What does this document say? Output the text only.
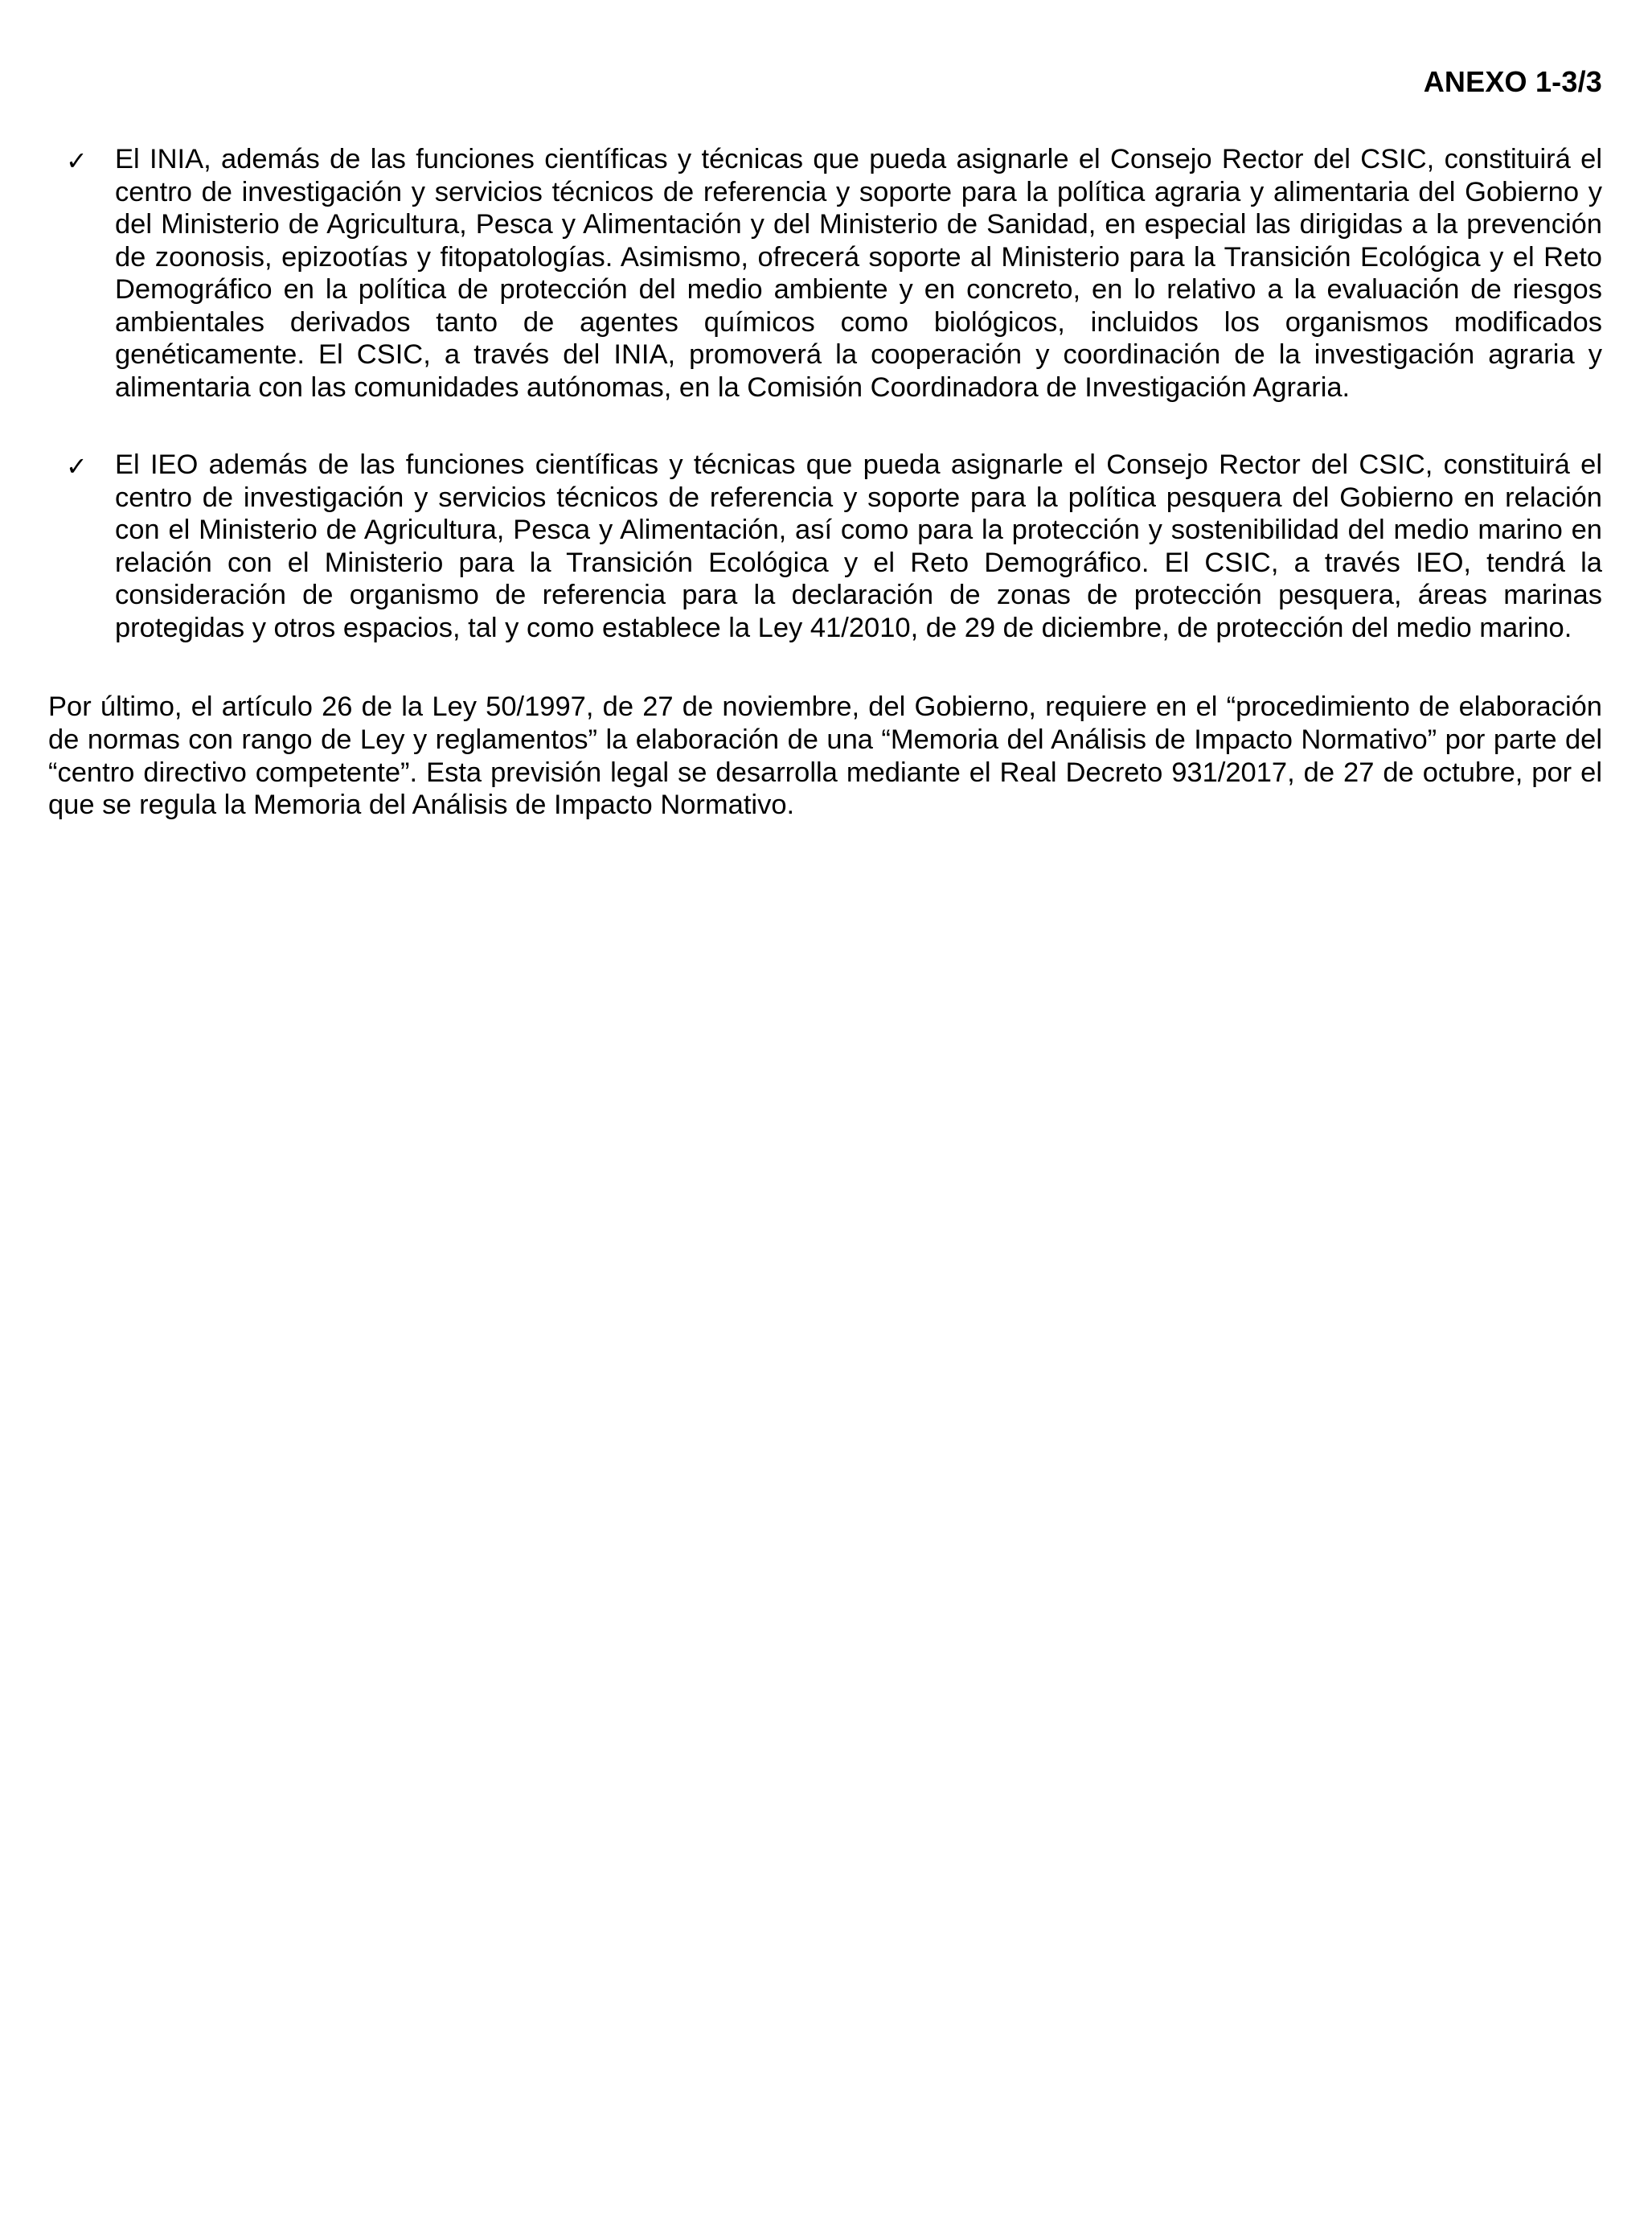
ANEXO 1-3/3
✓ El INIA, además de las funciones científicas y técnicas que pueda asignarle el Consejo Rector del CSIC, constituirá el centro de investigación y servicios técnicos de referencia y soporte para la política agraria y alimentaria del Gobierno y del Ministerio de Agricultura, Pesca y Alimentación y del Ministerio de Sanidad, en especial las dirigidas a la prevención de zoonosis, epizootías y fitopatologías. Asimismo, ofrecerá soporte al Ministerio para la Transición Ecológica y el Reto Demográfico en la política de protección del medio ambiente y en concreto, en lo relativo a la evaluación de riesgos ambientales derivados tanto de agentes químicos como biológicos, incluidos los organismos modificados genéticamente. El CSIC, a través del INIA, promoverá la cooperación y coordinación de la investigación agraria y alimentaria con las comunidades autónomas, en la Comisión Coordinadora de Investigación Agraria.
✓ El IEO además de las funciones científicas y técnicas que pueda asignarle el Consejo Rector del CSIC, constituirá el centro de investigación y servicios técnicos de referencia y soporte para la política pesquera del Gobierno en relación con el Ministerio de Agricultura, Pesca y Alimentación, así como para la protección y sostenibilidad del medio marino en relación con el Ministerio para la Transición Ecológica y el Reto Demográfico. El CSIC, a través IEO, tendrá la consideración de organismo de referencia para la declaración de zonas de protección pesquera, áreas marinas protegidas y otros espacios, tal y como establece la Ley 41/2010, de 29 de diciembre, de protección del medio marino.

Por último, el artículo 26 de la Ley 50/1997, de 27 de noviembre, del Gobierno, requiere en el “procedimiento de elaboración de normas con rango de Ley y reglamentos” la elaboración de una “Memoria del Análisis de Impacto Normativo” por parte del “centro directivo competente”. Esta previsión legal se desarrolla mediante el Real Decreto 931/2017, de 27 de octubre, por el que se regula la Memoria del Análisis de Impacto Normativo.
